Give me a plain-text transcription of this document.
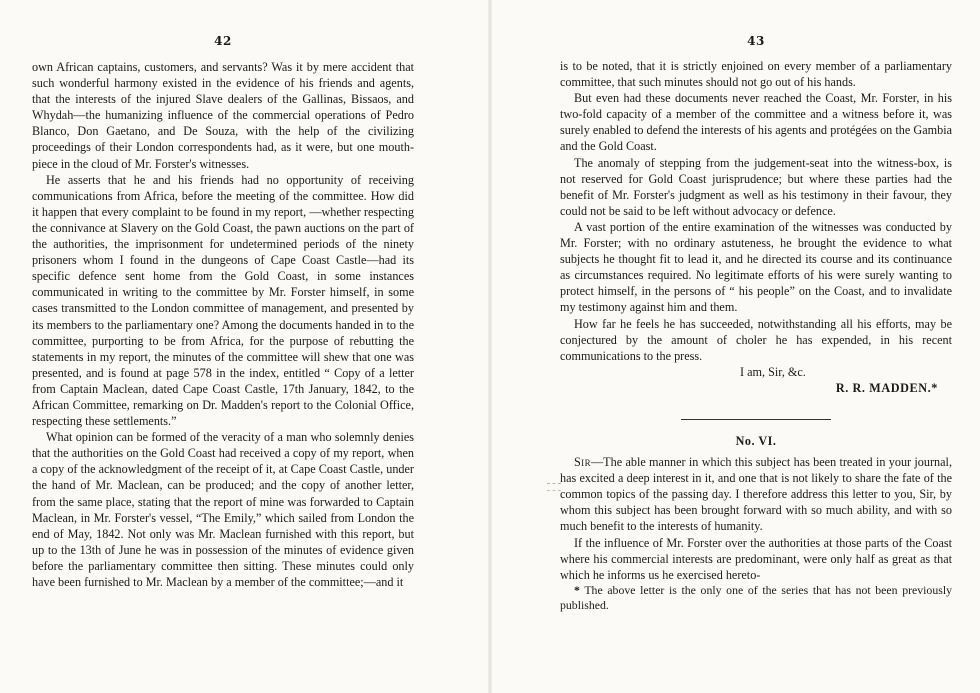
42

own African captains, customers, and servants? Was it by mere accident that such wonderful harmony existed in the evidence of his friends and agents, that the interests of the injured Slave dealers of the Gallinas, Bissaos, and Whydah—the humanizing influence of the commercial operations of Pedro Blanco, Don Gaetano, and De Souza, with the help of the civilizing proceedings of their London correspondents had, as it were, but one mouth-piece in the cloud of Mr. Forster's witnesses.

He asserts that he and his friends had no opportunity of receiving communications from Africa, before the meeting of the committee. How did it happen that every complaint to be found in my report, —whether respecting the connivance at Slavery on the Gold Coast, the pawn auctions on the part of the authorities, the imprisonment for undetermined periods of the ninety prisoners whom I found in the dungeons of Cape Coast Castle—had its specific defence sent home from the Gold Coast, in some instances communicated in writing to the committee by Mr. Forster himself, in some cases transmitted to the London committee of management, and presented by its members to the parliamentary one? Among the documents handed in to the committee, purporting to be from Africa, for the purpose of rebutting the statements in my report, the minutes of the committee will shew that one was presented, and is found at page 578 in the index, entitled “ Copy of a letter from Captain Maclean, dated Cape Coast Castle, 17th January, 1842, to the African Committee, remarking on Dr. Madden's report to the Colonial Office, respecting these settlements.”

What opinion can be formed of the veracity of a man who solemnly denies that the authorities on the Gold Coast had received a copy of my report, when a copy of the acknowledgment of the receipt of it, at Cape Coast Castle, under the hand of Mr. Maclean, can be produced; and the copy of another letter, from the same place, stating that the report of mine was forwarded to Captain Maclean, in Mr. Forster's vessel, “The Emily,” which sailed from London the end of May, 1842. Not only was Mr. Maclean furnished with this report, but up to the 13th of June he was in possession of the minutes of evidence given before the parliamentary committee then sitting. These minutes could only have been furnished to Mr. Maclean by a member of the committee;—and it

43

is to be noted, that it is strictly enjoined on every member of a parliamentary committee, that such minutes should not go out of his hands.

But even had these documents never reached the Coast, Mr. Forster, in his two-fold capacity of a member of the committee and a witness before it, was surely enabled to defend the interests of his agents and protégées on the Gambia and the Gold Coast.

The anomaly of stepping from the judgement-seat into the witness-box, is not reserved for Gold Coast jurisprudence; but where these parties had the benefit of Mr. Forster's judgment as well as his testimony in their favour, they could not be said to be left without advocacy or defence.

A vast portion of the entire examination of the witnesses was conducted by Mr. Forster; with no ordinary astuteness, he brought the evidence to what subjects he thought fit to lead it, and he directed its course and its continuance as circumstances required. No legitimate efforts of his were surely wanting to protect himself, in the persons of “ his people” on the Coast, and to invalidate my testimony against him and them.

How far he feels he has succeeded, notwithstanding all his efforts, may be conjectured by the amount of choler he has expended, in his recent communications to the press.

I am, Sir, &c.
R. R. MADDEN.*
No. VI.

Sir—The able manner in which this subject has been treated in your journal, has excited a deep interest in it, and one that is not likely to share the fate of the common topics of the passing day. I therefore address this letter to you, Sir, by whom this subject has been brought forward with so much ability, and with so much benefit to the interests of humanity.

If the influence of Mr. Forster over the authorities at those parts of the Coast where his commercial interests are predominant, were only half as great as that which he informs us he exercised hereto-

* The above letter is the only one of the series that has not been previously published.
